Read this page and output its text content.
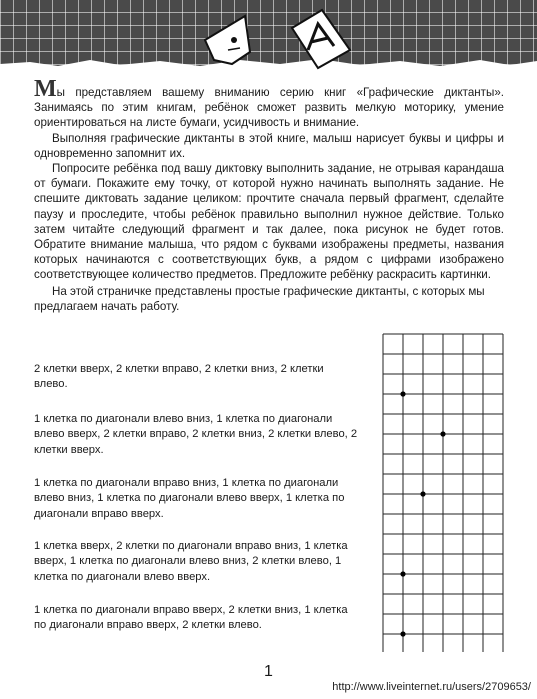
Мы представляем вашему вниманию серию книг «Графические диктанты». Занимаясь по этим книгам, ребёнок сможет развить мелкую моторику, умение ориентироваться на листе бумаги, усидчивость и внимание.

Выполняя графические диктанты в этой книге, малыш нарисует буквы и цифры и одновременно запомнит их.

Попросите ребёнка под вашу диктовку выполнить задание, не отрывая карандаша от бумаги. Покажите ему точку, от которой нужно начинать выполнять задание. Не спешите диктовать задание целиком: прочтите сначала первый фрагмент, сделайте паузу и проследите, чтобы ребёнок правильно выполнил нужное действие. Только затем читайте следующий фрагмент и так далее, пока рисунок не будет готов. Обратите внимание малыша, что рядом с буквами изображены предметы, названия которых начинаются с соответствующих букв, а рядом с цифрами изображено соответствующее количество предметов. Предложите ребёнку раскрасить картинки.

На этой страничке представлены простые графические диктанты, с которых мы предлагаем начать работу.

2 клетки вверх, 2 клетки вправо, 2 клетки вниз, 2 клетки влево.

1 клетка по диагонали влево вниз, 1 клетка по диагонали влево вверх, 2 клетки вправо, 2 клетки вниз, 2 клетки влево, 2 клетки вверх.

1 клетка по диагонали вправо вниз, 1 клетка по диагонали влево вниз, 1 клетка по диагонали влево вверх, 1 клетка по диагонали вправо вверх.

1 клетка вверх, 2 клетки по диагонали вправо вниз, 1 клетка вверх, 1 клетка по диагонали влево вниз, 2 клетки влево, 1 клетка по диагонали влево вверх.

1 клетка по диагонали вправо вверх, 2 клетки вниз, 1 клетка по диагонали вправо вверх, 2 клетки влево.

1
http://www.liveinternet.ru/users/2709653/
